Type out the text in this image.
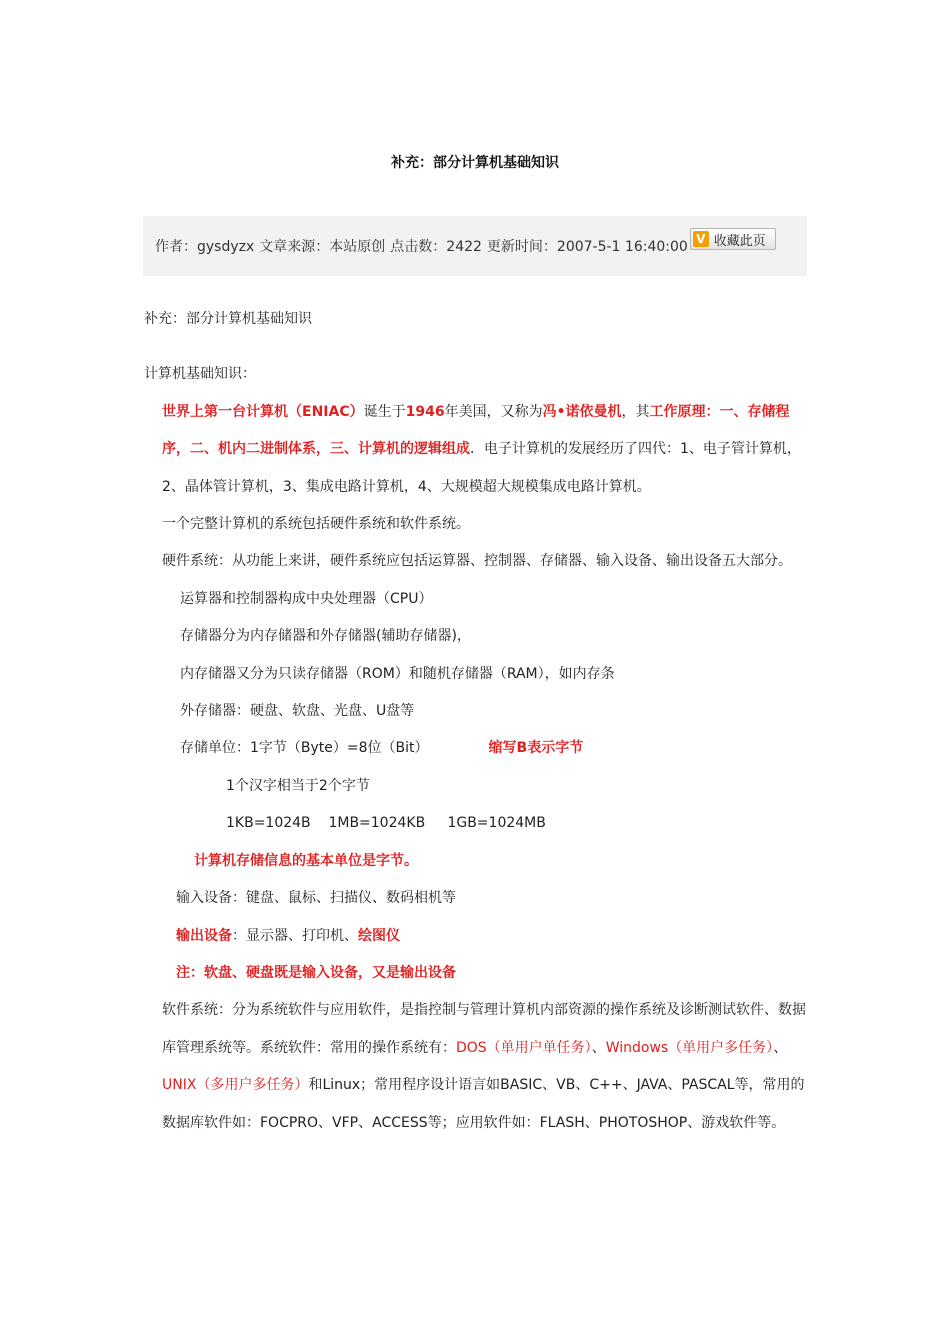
补充：部分计算机基础知识
作者：gysdyzx 文章来源：本站原创 点击数：2422 更新时间：2007-5-1 16:40:00 V 收藏此页

补充：部分计算机基础知识

计算机基础知识：

世界上第一台计算机（ENIAC）诞生于1946年美国，又称为冯•诺依曼机，其工作原理：一、存储程序，二、机内二进制体系，三、计算机的逻辑组成．电子计算机的发展经历了四代：1、电子管计算机，2、晶体管计算机，3、集成电路计算机，4、大规模超大规模集成电路计算机。

一个完整计算机的系统包括硬件系统和软件系统。

硬件系统：从功能上来讲，硬件系统应包括运算器、控制器、存储器、输入设备、输出设备五大部分。

运算器和控制器构成中央处理器（CPU）

存储器分为内存储器和外存储器(辅助存储器)，

内存储器又分为只读存储器（ROM）和随机存储器（RAM），如内存条

外存储器：硬盘、软盘、光盘、U盘等

存储单位：1字节（Byte）=8位（Bit）	缩写B表示字节

1个汉字相当于2个字节

1KB=1024B    1MB=1024KB     1GB=1024MB

计算机存储信息的基本单位是字节。

输入设备：键盘、鼠标、扫描仪、数码相机等

输出设备：显示器、打印机、绘图仪

注：软盘、硬盘既是输入设备，又是输出设备

软件系统：分为系统软件与应用软件，是指控制与管理计算机内部资源的操作系统及诊断测试软件、数据库管理系统等。系统软件：常用的操作系统有：DOS（单用户单任务）、Windows（单用户多任务）、UNIX（多用户多任务）和Linux；常用程序设计语言如BASIC、VB、C++、JAVA、PASCAL等，常用的数据库软件如：FOCPRO、VFP、ACCESS等；应用软件如：FLASH、PHOTOSHOP、游戏软件等。
